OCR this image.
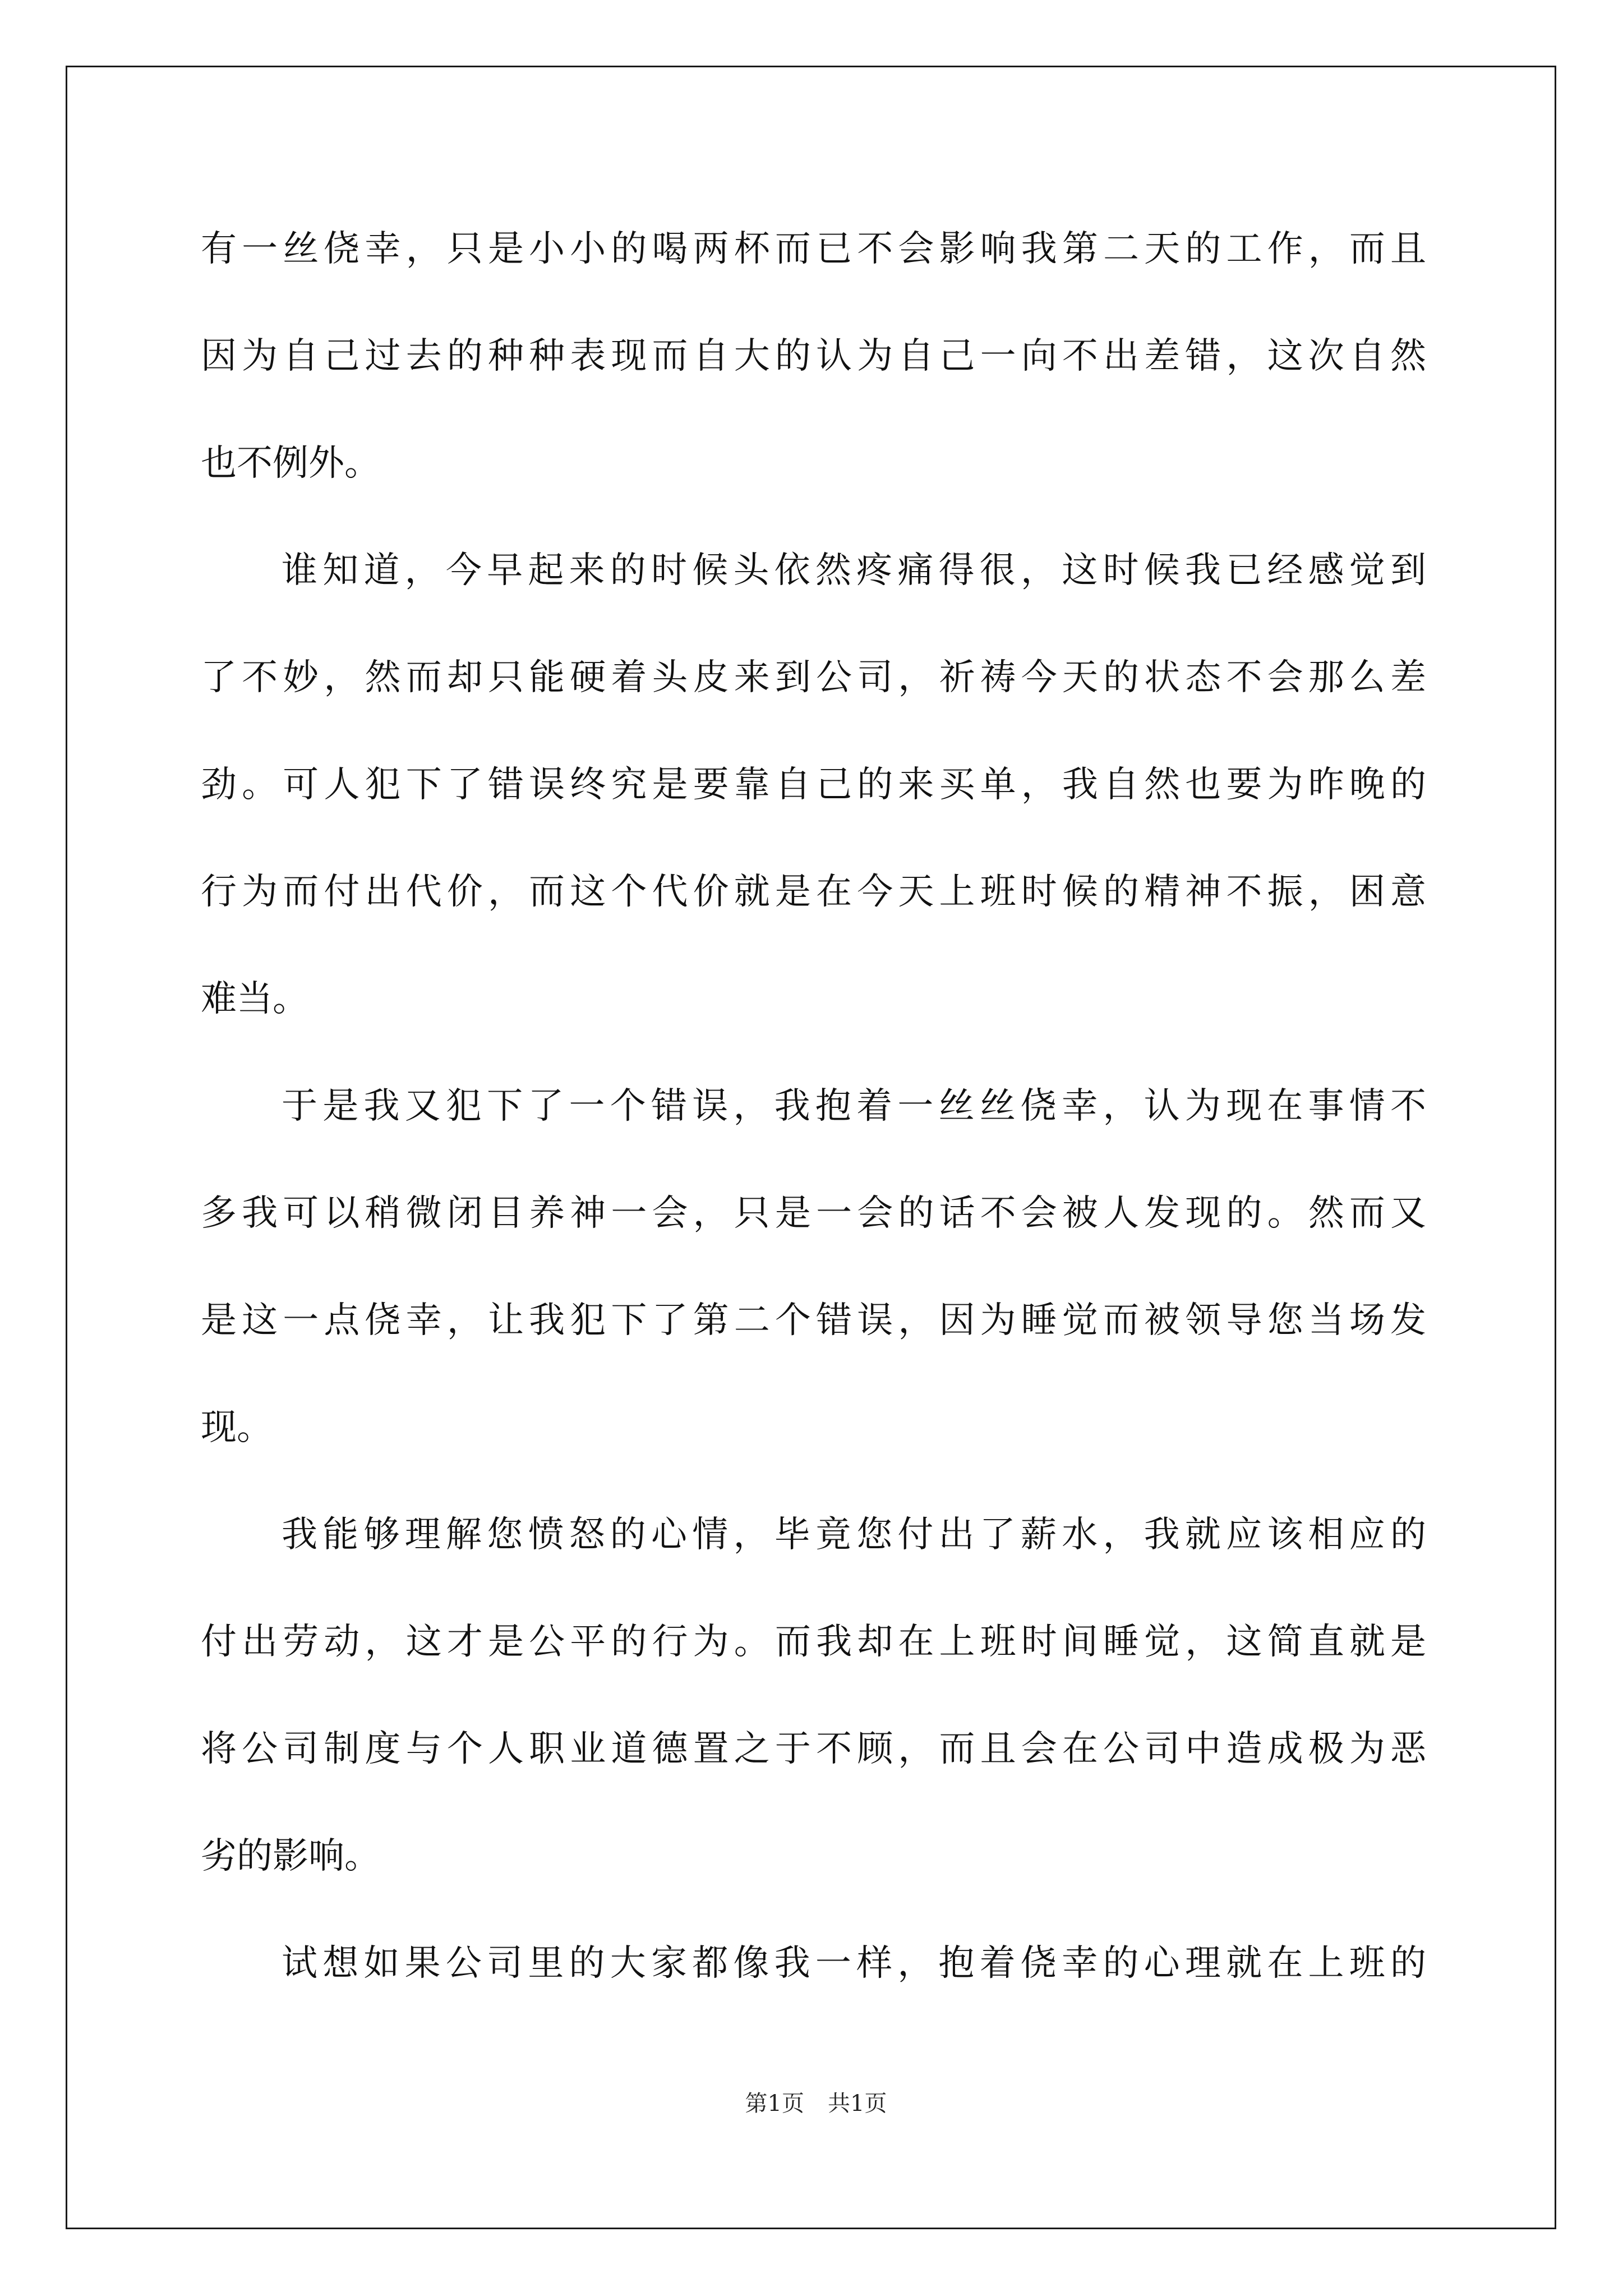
有一丝侥幸，只是小小的喝两杯而已不会影响我第二天的工作，而且
因为自己过去的种种表现而自大的认为自己一向不出差错，这次自然
也不例外。
谁知道，今早起来的时候头依然疼痛得很，这时候我已经感觉到
了不妙，然而却只能硬着头皮来到公司，祈祷今天的状态不会那么差
劲。可人犯下了错误终究是要靠自己的来买单，我自然也要为昨晚的
行为而付出代价，而这个代价就是在今天上班时候的精神不振，困意
难当。
于是我又犯下了一个错误，我抱着一丝丝侥幸，认为现在事情不
多我可以稍微闭目养神一会，只是一会的话不会被人发现的。然而又
是这一点侥幸，让我犯下了第二个错误，因为睡觉而被领导您当场发
现。
我能够理解您愤怒的心情，毕竟您付出了薪水，我就应该相应的
付出劳动，这才是公平的行为。而我却在上班时间睡觉，这简直就是
将公司制度与个人职业道德置之于不顾，而且会在公司中造成极为恶
劣的影响。
试想如果公司里的大家都像我一样，抱着侥幸的心理就在上班的
第1页 共1页
